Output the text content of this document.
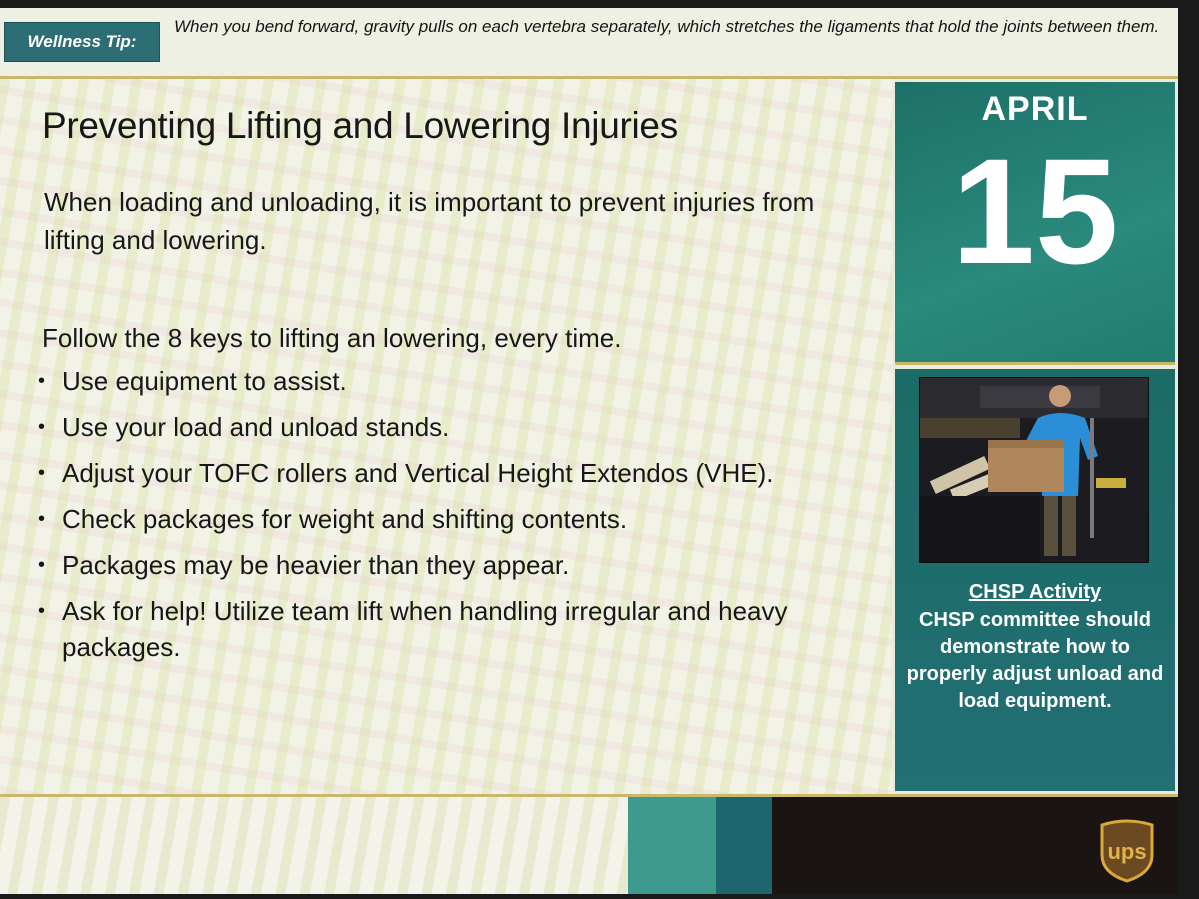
Wellness Tip:
When you bend forward, gravity pulls on each vertebra separately, which stretches the ligaments that hold the joints between them.
Preventing Lifting and Lowering Injuries
When loading and unloading, it is important to prevent injuries from lifting and lowering.
Follow the 8 keys to lifting an lowering, every time.
• Use equipment to assist.
• Use your load and unload stands.
• Adjust your TOFC rollers and Vertical Height Extendos (VHE).
• Check packages for weight and shifting contents.
• Packages may be heavier than they appear.
• Ask for help! Utilize team lift when handling irregular and heavy packages.
APRIL
15
CHSP Activity
CHSP committee should demonstrate how to properly adjust unload and load equipment.
ups
